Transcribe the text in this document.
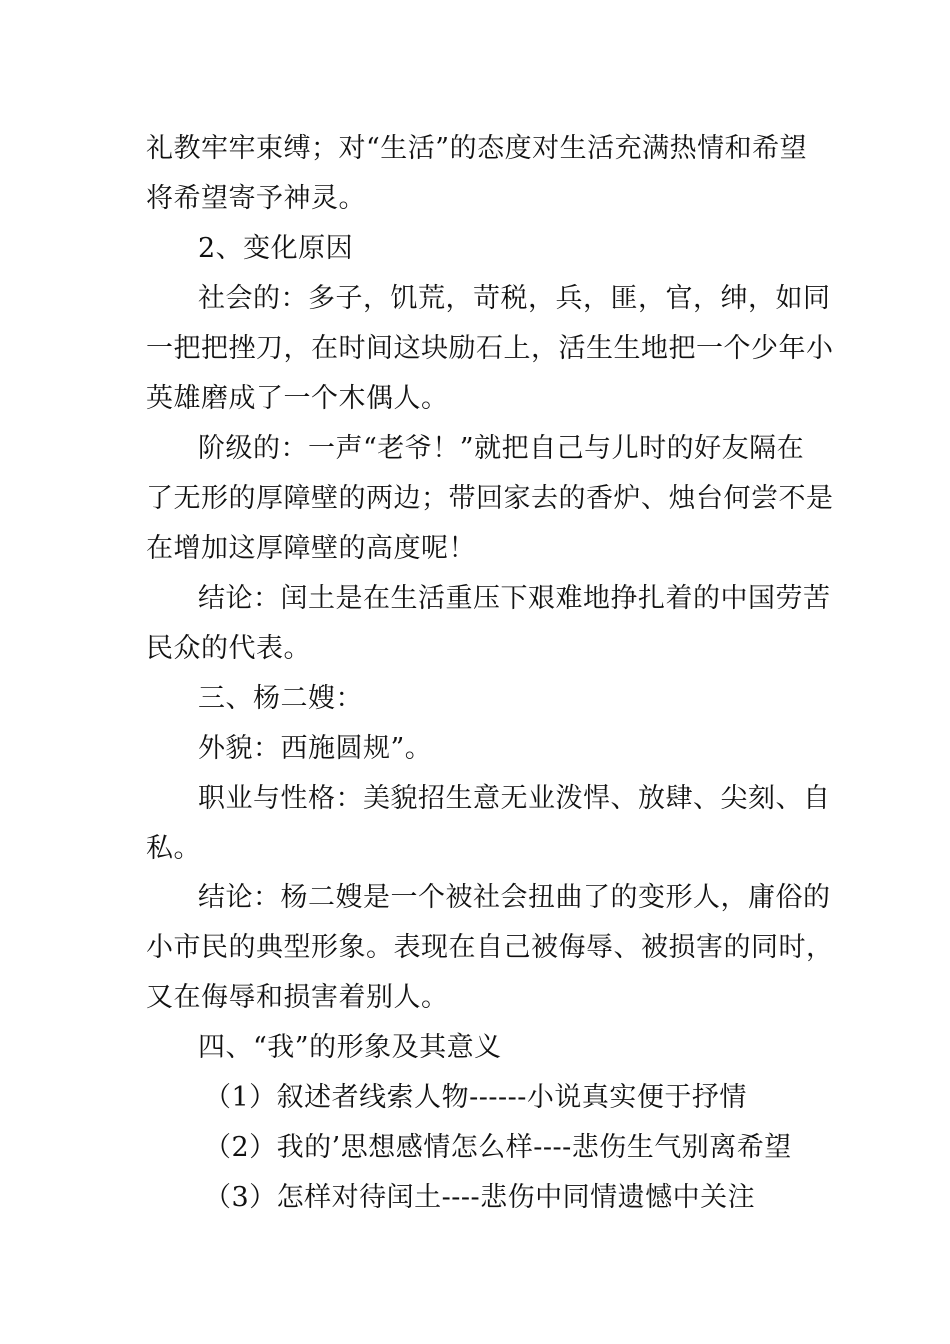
礼教牢牢束缚；对“生活”的态度对生活充满热情和希望
将希望寄予神灵。
2、变化原因
社会的：多子，饥荒，苛税，兵，匪，官，绅，如同
一把把挫刀，在时间这块励石上，活生生地把一个少年小
英雄磨成了一个木偶人。
阶级的：一声“老爷！”就把自己与儿时的好友隔在
了无形的厚障壁的两边；带回家去的香炉、烛台何尝不是
在增加这厚障壁的高度呢！
结论：闰土是在生活重压下艰难地挣扎着的中国劳苦
民众的代表。
三、杨二嫂：
外貌：西施圆规”。
职业与性格：美貌招生意无业泼悍、放肆、尖刻、自
私。
结论：杨二嫂是一个被社会扭曲了的变形人，庸俗的
小市民的典型形象。表现在自己被侮辱、被损害的同时，
又在侮辱和损害着别人。
四、“我”的形象及其意义
（1）叙述者线索人物------小说真实便于抒情
（2）我的’思想感情怎么样----悲伤生气别离希望
（3）怎样对待闰土----悲伤中同情遗憾中关注
